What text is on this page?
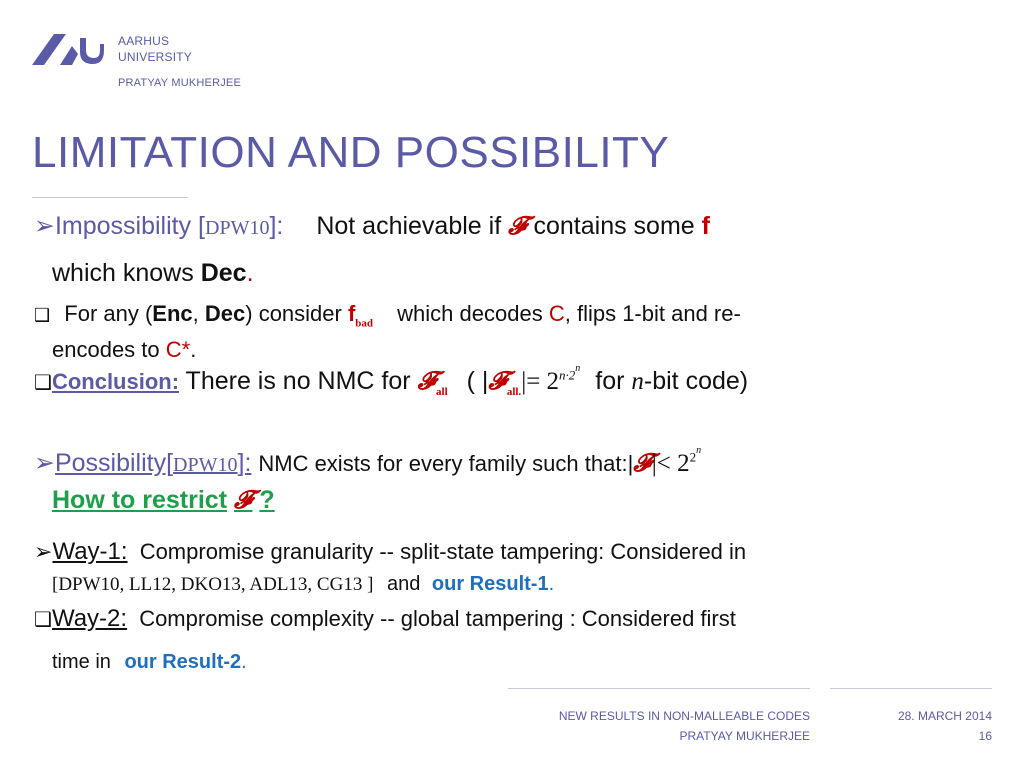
AARHUS
UNIVERSITY
PRATYAY MUKHERJEE
LIMITATION AND POSSIBILITY
➢Impossibility [DPW10]: Not achievable if 𝓕 contains some f
which knows Dec.
❑ For any (Enc, Dec) consider $f_{bad}$ which decodes C, flips 1-bit and re-
encodes to C*.
❑Conclusion: There is no NMC for 𝓕$_{all}$ ( |𝓕$_{all.}$|= $2^{n\cdot 2n}$ for n-bit code)
➢Possibility[DPW10]: NMC exists for every family such that:|𝓕|< $2^{2n}$
How to restrict 𝓕 ?
➢Way-1: Compromise granularity -- split-state tampering: Considered in
[DPW10, LL12, DKO13, ADL13, CG13 ] and our Result-1.
❑Way-2: Compromise complexity -- global tampering : Considered first
time in our Result-2.
NEW RESULTS IN NON-MALLEABLE CODES
PRATYAY MUKHERJEE
28. MARCH 2014
16
